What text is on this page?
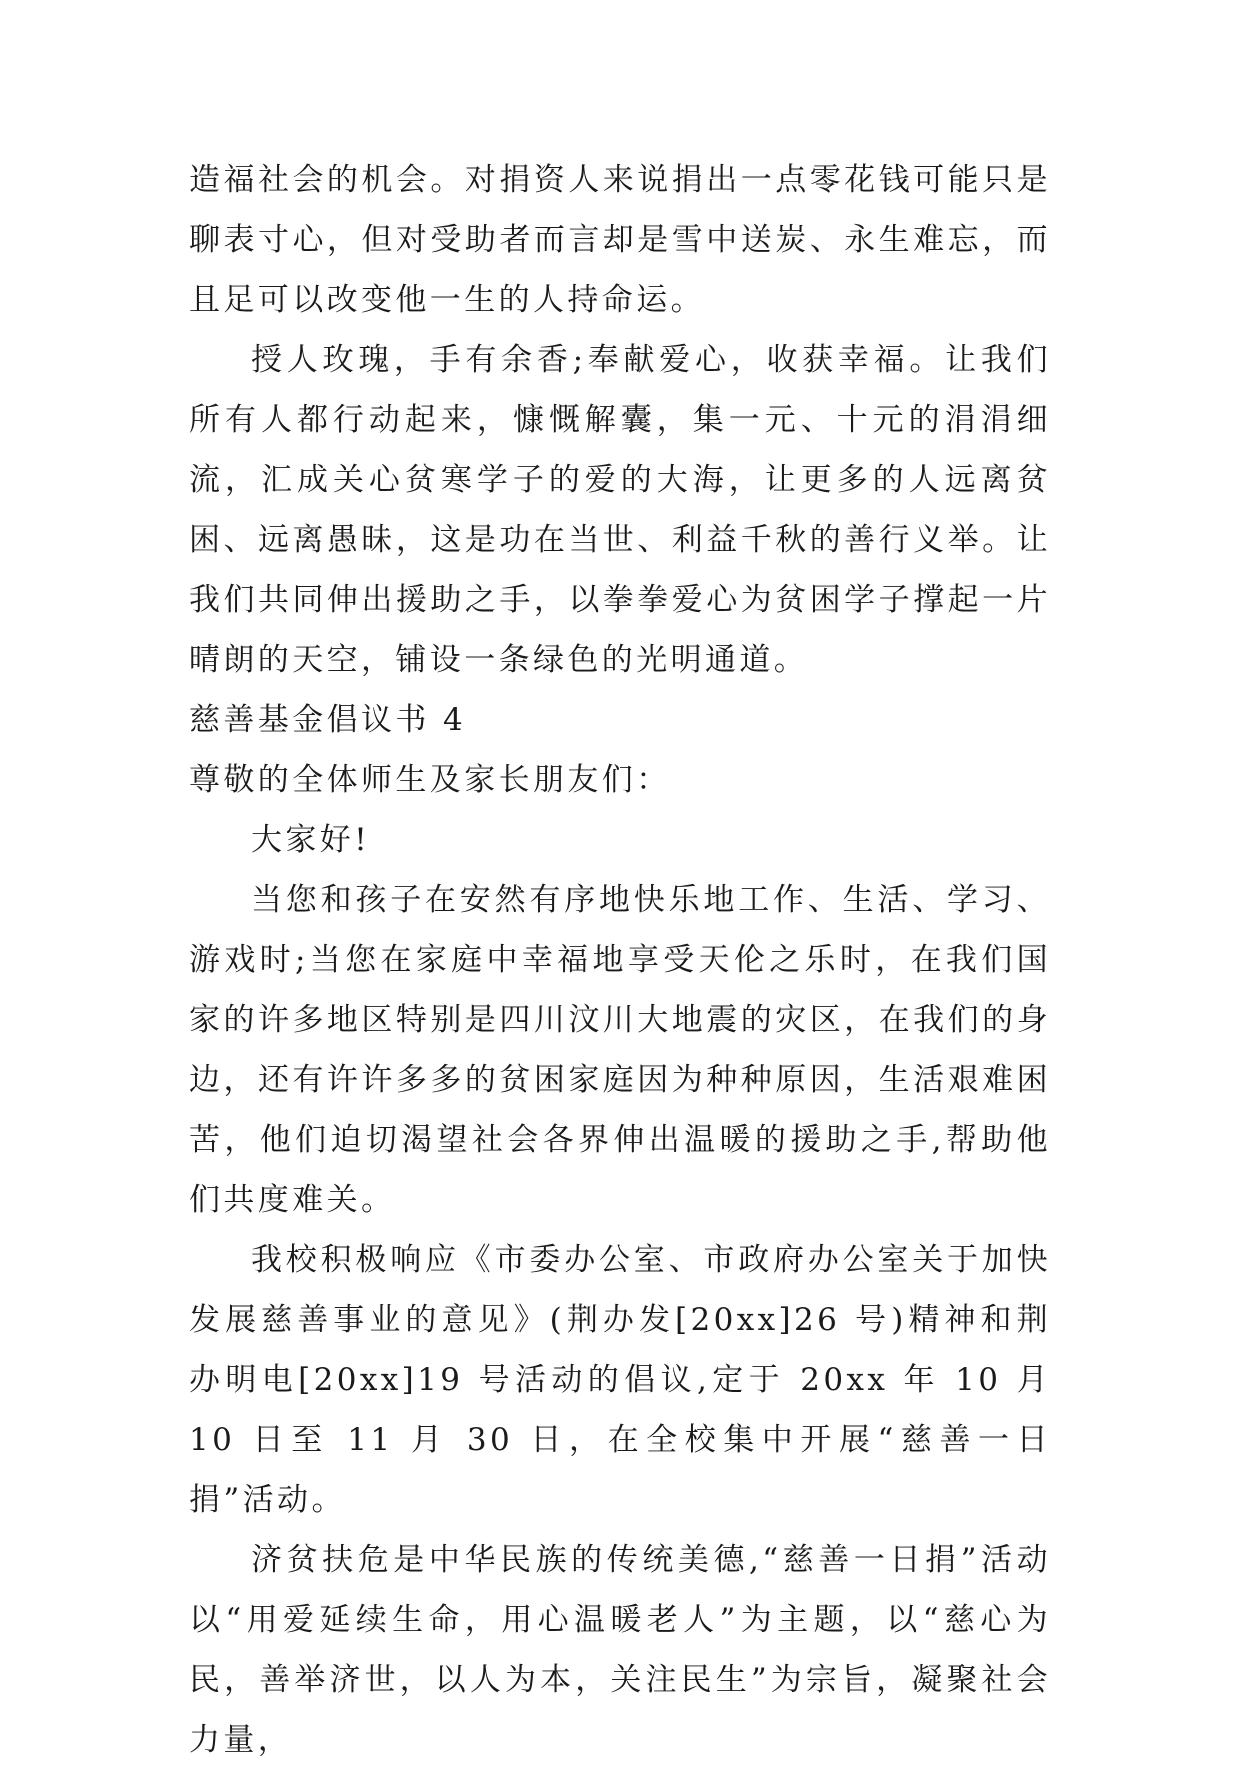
造福社会的机会。对捐资人来说捐出一点零花钱可能只是聊表寸心，但对受助者而言却是雪中送炭、永生难忘，而且足可以改变他一生的人持命运。

授人玫瑰，手有余香;奉献爱心，收获幸福。让我们所有人都行动起来，慷慨解囊，集一元、十元的涓涓细流，汇成关心贫寒学子的爱的大海，让更多的人远离贫困、远离愚昧，这是功在当世、利益千秋的善行义举。让我们共同伸出援助之手，以拳拳爱心为贫困学子撑起一片晴朗的天空，铺设一条绿色的光明通道。

慈善基金倡议书 4

尊敬的全体师生及家长朋友们：

大家好!

当您和孩子在安然有序地快乐地工作、生活、学习、游戏时;当您在家庭中幸福地享受天伦之乐时，在我们国家的许多地区特别是四川汶川大地震的灾区，在我们的身边，还有许许多多的贫困家庭因为种种原因，生活艰难困苦，他们迫切渴望社会各界伸出温暖的援助之手,帮助他们共度难关。

我校积极响应《市委办公室、市政府办公室关于加快发展慈善事业的意见》(荆办发[20xx]26 号)精神和荆办明电[20xx]19 号活动的倡议,定于 20xx 年 10 月 10 日至 11 月 30 日，在全校集中开展“慈善一日捐”活动。

济贫扶危是中华民族的传统美德,“慈善一日捐”活动以“用爱延续生命，用心温暖老人”为主题，以“慈心为民，善举济世，以人为本，关注民生”为宗旨，凝聚社会力量，
